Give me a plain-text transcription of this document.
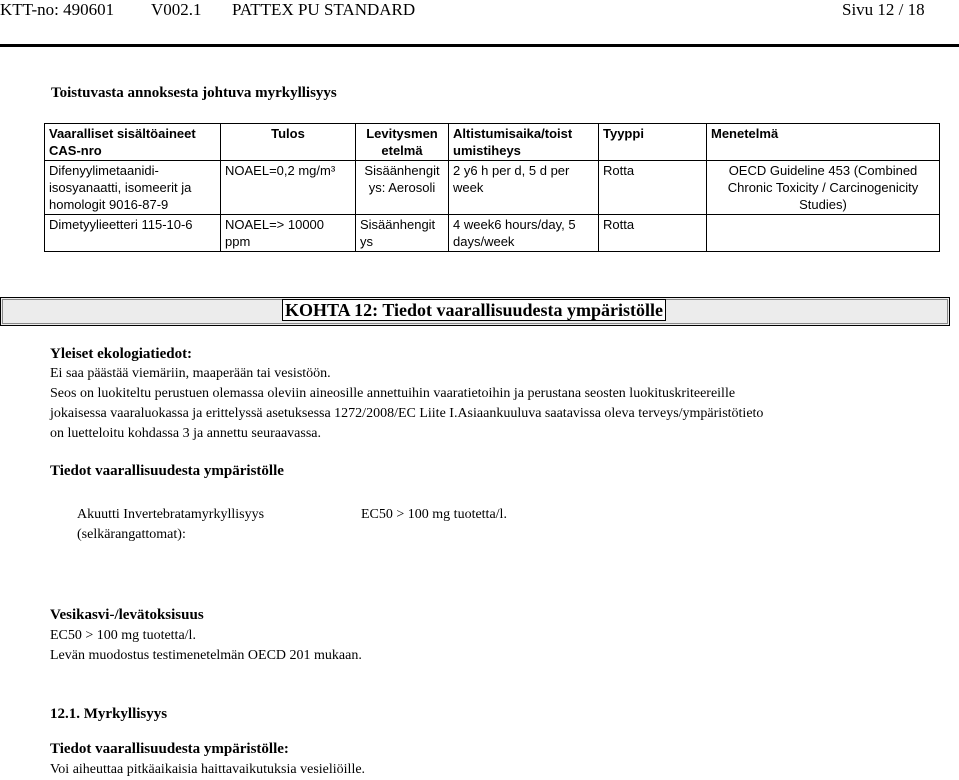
KTT-no: 490601 V002.1 PATTEX PU STANDARD	Sivu 12 / 18
Toistuvasta annoksesta johtuva myrkyllisyys
Vaaralliset sisältöaineet CAS-nro	Tulos	Levitysmen etelmä	Altistumisaika/toist umistiheys	Tyyppi	Menetelmä
Difenyylimetaanidi-isosyanaatti, isomeerit ja homologit 9016-87-9	NOAEL=0,2 mg/m³	Sisäänhengit ys: Aerosoli	2 y6 h per d, 5 d per week	Rotta	OECD Guideline 453 (Combined Chronic Toxicity / Carcinogenicity Studies)
Dimetyylieetteri 115-10-6	NOAEL=> 10000 ppm	Sisäänhengit ys	4 week6 hours/day, 5 days/week	Rotta	
KOHTA 12: Tiedot vaarallisuudesta ympäristölle
Yleiset ekologiatiedot:
Ei saa päästää viemäriin, maaperään tai vesistöön.
Seos on luokiteltu perustuen olemassa oleviin aineosille annettuihin vaaratietoihin ja perustana seosten luokituskriteereille
jokaisessa vaaraluokassa ja erittelyssä asetuksessa 1272/2008/EC Liite I.Asiaankuuluva saatavissa oleva terveys/ympäristötieto
on luetteloitu kohdassa 3 ja annettu seuraavassa.
Tiedot vaarallisuudesta ympäristölle
Akuutti Invertebratamyrkyllisyys
(selkärangattomat):
EC50 > 100 mg tuotetta/l.
Vesikasvi-/levätoksisuus
EC50 > 100 mg tuotetta/l.
Levän muodostus testimenetelmän OECD 201 mukaan.
12.1. Myrkyllisyys
Tiedot vaarallisuudesta ympäristölle:
Voi aiheuttaa pitkäaikaisia haittavaikutuksia vesieliöille.
